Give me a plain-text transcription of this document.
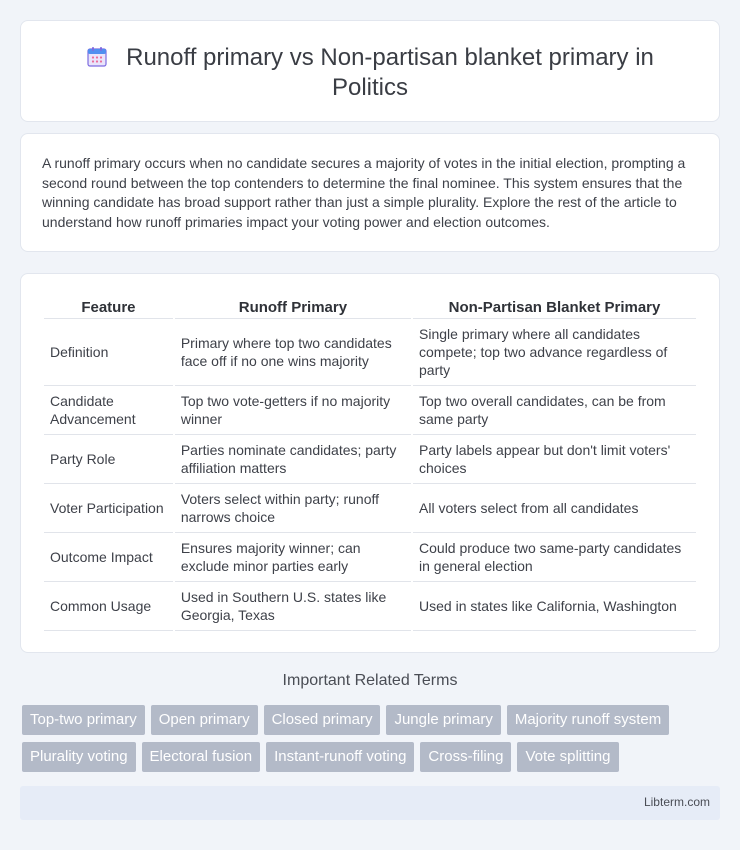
Runoff primary vs Non-partisan blanket primary in
Politics

A runoff primary occurs when no candidate secures a majority of votes in the initial election, prompting a second round between the top contenders to determine the final nominee. This system ensures that the winning candidate has broad support rather than just a simple plurality. Explore the rest of the article to understand how runoff primaries impact your voting power and election outcomes.

Feature	Runoff Primary	Non-Partisan Blanket Primary
Definition	Primary where top two candidates face off if no one wins majority	Single primary where all candidates compete; top two advance regardless of party
Candidate Advancement	Top two vote-getters if no majority winner	Top two overall candidates, can be from same party
Party Role	Parties nominate candidates; party affiliation matters	Party labels appear but don't limit voters' choices
Voter Participation	Voters select within party; runoff narrows choice	All voters select from all candidates
Outcome Impact	Ensures majority winner; can exclude minor parties early	Could produce two same-party candidates in general election
Common Usage	Used in Southern U.S. states like Georgia, Texas	Used in states like California, Washington
Important Related Terms
Top-two primary	Open primary	Closed primary	Jungle primary	Majority runoff system
Plurality voting	Electoral fusion	Instant-runoff voting	Cross-filing	Vote splitting
Libterm.com
